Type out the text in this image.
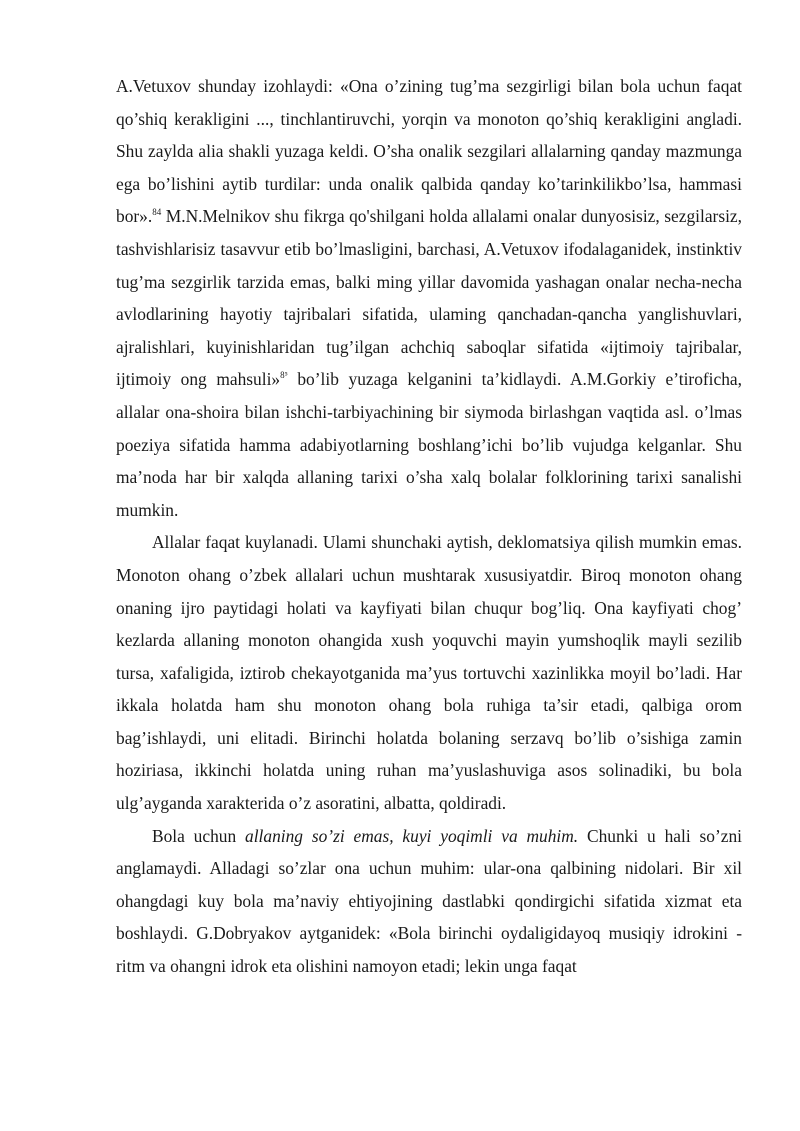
A.Vetuxov shunday izohlaydi: «Ona o’zining tug’ma sezgirligi bilan bola uchun faqat qo’shiq kerakligini ..., tinchlantiruvchi, yorqin va monoton qo’shiq kerakligini angladi. Shu zaylda alia shakli yuzaga keldi. O’sha onalik sezgilari allalarning qanday mazmunga ega bo’lishini aytib turdilar: unda onalik qalbida qanday ko’tarinkilikbo’lsa, hammasi bor».$^{84}$ M.N.Melnikov shu fikrga qo'shilgani holda allalami onalar dunyosisiz, sezgilarsiz, tashvishlarisiz tasavvur etib bo’lmasligini, barchasi, A.Vetuxov ifodalaganidek, instinktiv tug’ma sezgirlik tarzida emas, balki ming yillar davomida yashagan onalar necha-necha avlodlarining hayotiy tajribalari sifatida, ulaming qanchadan-qancha yanglishuvlari, ajralishlari, kuyinishlaridan tug’ilgan achchiq saboqlar sifatida «ijtimoiy tajribalar, ijtimoiy ong mahsuli»$^{8^5}$ bo’lib yuzaga kelganini ta’kidlaydi. A.M.Gorkiy e’tiroficha, allalar ona-shoira bilan ishchi-tarbiyachining bir siymoda birlashgan vaqtida asl. o’lmas poeziya sifatida hamma adabiyotlarning boshlang’ichi bo’lib vujudga kelganlar. Shu ma’noda har bir xalqda allaning tarixi o’sha xalq bolalar folklorining tarixi sanalishi mumkin.

Allalar faqat kuylanadi. Ulami shunchaki aytish, deklomatsiya qilish mumkin emas. Monoton ohang o’zbek allalari uchun mushtarak xususiyatdir. Biroq monoton ohang onaning ijro paytidagi holati va kayfiyati bilan chuqur bog’liq. Ona kayfiyati chog’ kezlarda allaning monoton ohangida xush yoquvchi mayin yumshoqlik mayli sezilib tursa, xafaligida, iztirob chekayotganida ma’yus tortuvchi xazinlikka moyil bo’ladi. Har ikkala holatda ham shu monoton ohang bola ruhiga ta’sir etadi, qalbiga orom bag’ishlaydi, uni elitadi. Birinchi holatda bolaning serzavq bo’lib o’sishiga zamin hoziriasa, ikkinchi holatda uning ruhan ma’yuslashuviga asos solinadiki, bu bola ulg’ayganda xarakterida o’z asoratini, albatta, qoldiradi.

Bola uchun allaning so’zi emas, kuyi yoqimli va muhim. Chunki u hali so’zni anglamaydi. Alladagi so’zlar ona uchun muhim: ular-ona qalbining nidolari. Bir xil ohangdagi kuy bola ma’naviy ehtiyojining dastlabki qondirgichi sifatida xizmat eta boshlaydi. G.Dobryakov aytganidek: «Bola birinchi oydaligidayoq musiqiy idrokini - ritm va ohangni idrok eta olishini namoyon etadi; lekin unga faqat
